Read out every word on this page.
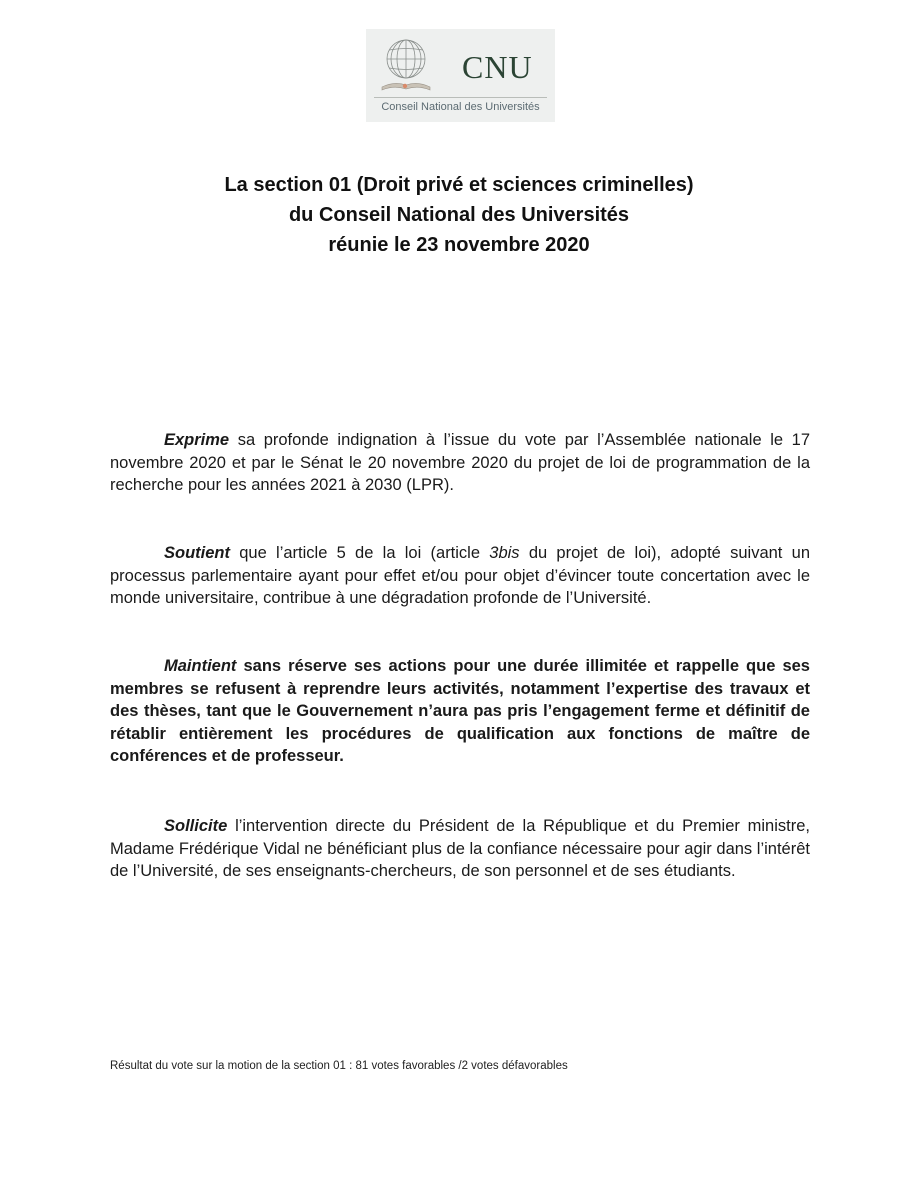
CNU
Conseil National des Universités
La section 01 (Droit privé et sciences criminelles)
du Conseil National des Universités
réunie le 23 novembre 2020
Exprime sa profonde indignation à l’issue du vote par l’Assemblée nationale le 17 novembre 2020 et par le Sénat le 20 novembre 2020 du projet de loi de programmation de la recherche pour les années 2021 à 2030 (LPR).
Soutient que l’article 5 de la loi (article 3bis du projet de loi), adopté suivant un processus parlementaire ayant pour effet et/ou pour objet d’évincer toute concertation avec le monde universitaire, contribue à une dégradation profonde de l’Université.
Maintient sans réserve ses actions pour une durée illimitée et rappelle que ses membres se refusent à reprendre leurs activités, notamment l’expertise des travaux et des thèses, tant que le Gouvernement n’aura pas pris l’engagement ferme et définitif de rétablir entièrement les procédures de qualification aux fonctions de maître de conférences et de professeur.
Sollicite l’intervention directe du Président de la République et du Premier ministre, Madame Frédérique Vidal ne bénéficiant plus de la confiance nécessaire pour agir dans l’intérêt de l’Université, de ses enseignants-chercheurs, de son personnel et de ses étudiants.
Résultat du vote sur la motion de la section 01 : 81 votes favorables /2 votes défavorables
